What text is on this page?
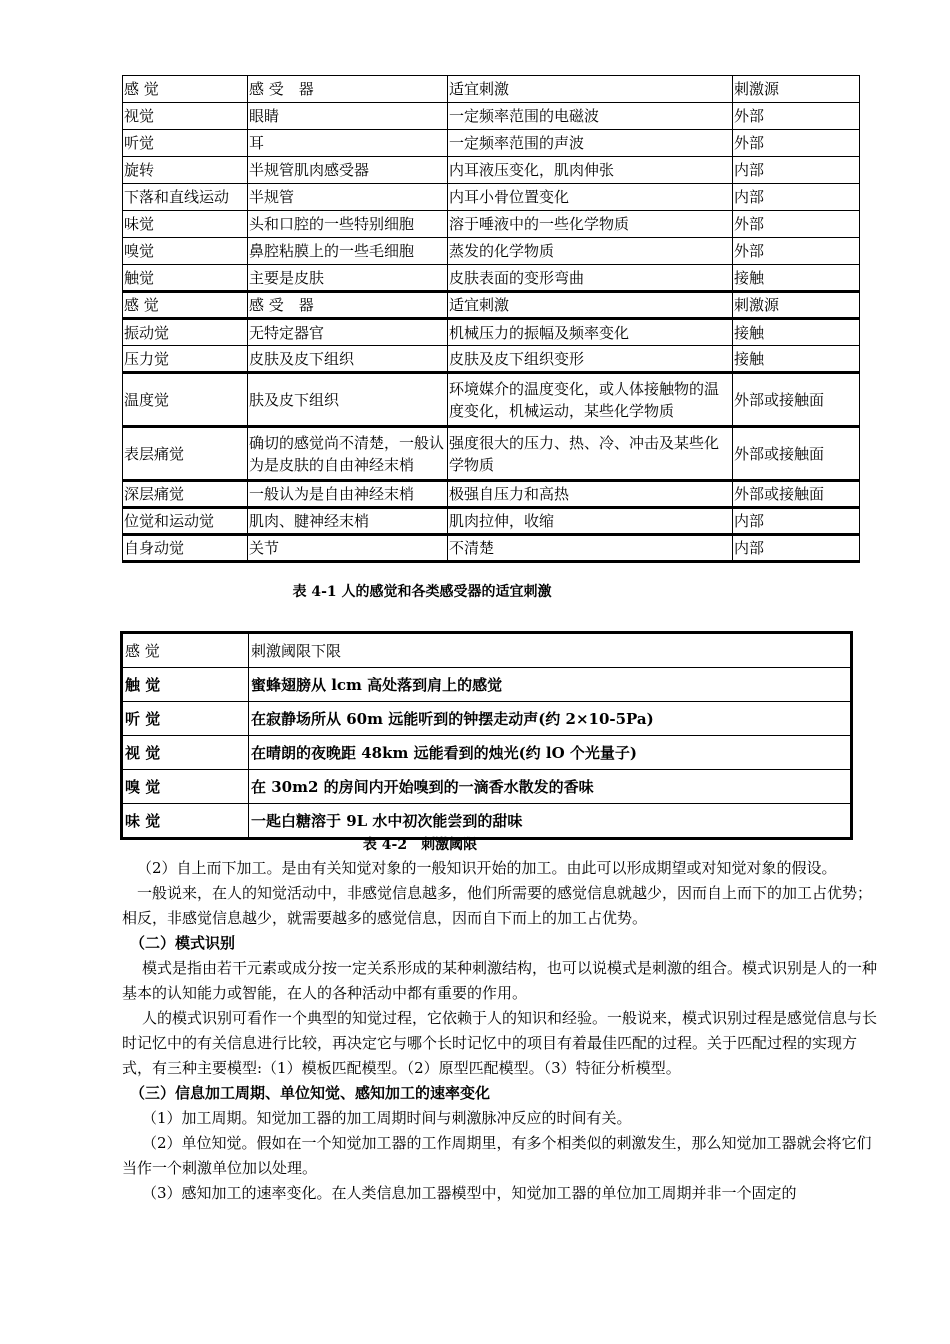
感 觉	感 受　器	适宜刺激	刺激源
视觉	眼睛	一定频率范围的电磁波	外部
听觉	耳	一定频率范围的声波	外部
旋转	半规管肌肉感受器	内耳液压变化，肌肉伸张	内部
下落和直线运动	半规管	内耳小骨位置变化	内部
味觉	头和口腔的一些特别细胞	溶于唾液中的一些化学物质	外部
嗅觉	鼻腔粘膜上的一些毛细胞	蒸发的化学物质	外部
触觉	主要是皮肤	皮肤表面的变形弯曲	接触
感 觉	感 受　器	适宜刺激	刺激源
振动觉	无特定器官	机械压力的振幅及频率变化	接触
压力觉	皮肤及皮下组织	皮肤及皮下组织变形	接触
温度觉	肤及皮下组织	环境媒介的温度变化，或人体接触物的温度变化，机械运动，某些化学物质	外部或接触面
表层痛觉	确切的感觉尚不清楚，一般认为是皮肤的自由神经末梢	强度很大的压力、热、冷、冲击及某些化学物质	外部或接触面
深层痛觉	一般认为是自由神经末梢	极强自压力和高热	外部或接触面
位觉和运动觉	肌肉、腱神经末梢	肌肉拉伸，收缩	内部
自身动觉	关节	不清楚	内部
表 4-1 人的感觉和各类感受器的适宜刺激
感 觉	刺激阈限下限
触 觉	蜜蜂翅膀从 lcm 高处落到肩上的感觉
听 觉	在寂静场所从 60m 远能听到的钟摆走动声(约 2×10-5Pa)
视 觉	在晴朗的夜晚距 48km 远能看到的烛光(约 lO 个光量子)
嗅 觉	在 30m2 的房间内开始嗅到的一滴香水散发的香味
味 觉	一匙白糖溶于 9L 水中初次能尝到的甜味
表 4-2　刺激阈限

（2）自上而下加工。是由有关知觉对象的一般知识开始的加工。由此可以形成期望或对知觉对象的假设。

一般说来，在人的知觉活动中，非感觉信息越多，他们所需要的感觉信息就越少，因而自上而下的加工占优势；相反，非感觉信息越少，就需要越多的感觉信息，因而自下而上的加工占优势。

（二）模式识别

模式是指由若干元素或成分按一定关系形成的某种刺激结构，也可以说模式是刺激的组合。模式识别是人的一种基本的认知能力或智能，在人的各种活动中都有重要的作用。

人的模式识别可看作一个典型的知觉过程，它依赖于人的知识和经验。一般说来，模式识别过程是感觉信息与长时记忆中的有关信息进行比较，再决定它与哪个长时记忆中的项目有着最佳匹配的过程。关于匹配过程的实现方式，有三种主要模型:（1）模板匹配模型。（2）原型匹配模型。（3）特征分析模型。

（三）信息加工周期、单位知觉、感知加工的速率变化

（1）加工周期。知觉加工器的加工周期时间与刺激脉冲反应的时间有关。

（2）单位知觉。假如在一个知觉加工器的工作周期里，有多个相类似的刺激发生，那么知觉加工器就会将它们当作一个刺激单位加以处理。

（3）感知加工的速率变化。在人类信息加工器模型中，知觉加工器的单位加工周期并非一个固定的
